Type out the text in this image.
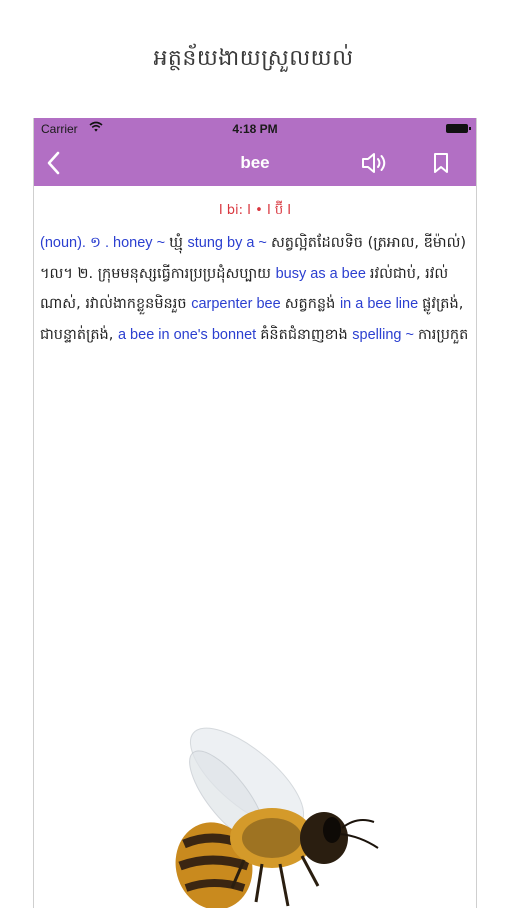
អត្ថន័យងាយស្រួលយល់
Carrier	4:18 PM
bee
I bi: I • I ប៊ី I
(noun). ១ . honey ~ ឃ្មុំ stung by a ~ សត្វល្អិតដែលទិច (ត្រអាល, ឌីម៉ាល់) ។ល។ ២. ក្រុមមនុស្សធ្វើការប្រប្រដុំសប្បាយ busy as a bee រវល់ជាប់, រវល់ណាស់, រវាល់ងាកខ្លួនមិនរួច carpenter bee សត្វកន្លង់ in a bee line ផ្លូវត្រង់, ជាបន្ទាត់ត្រង់, a bee in one's bonnet គំនិតជំនាញខាង spelling ~ ការប្រកួត
